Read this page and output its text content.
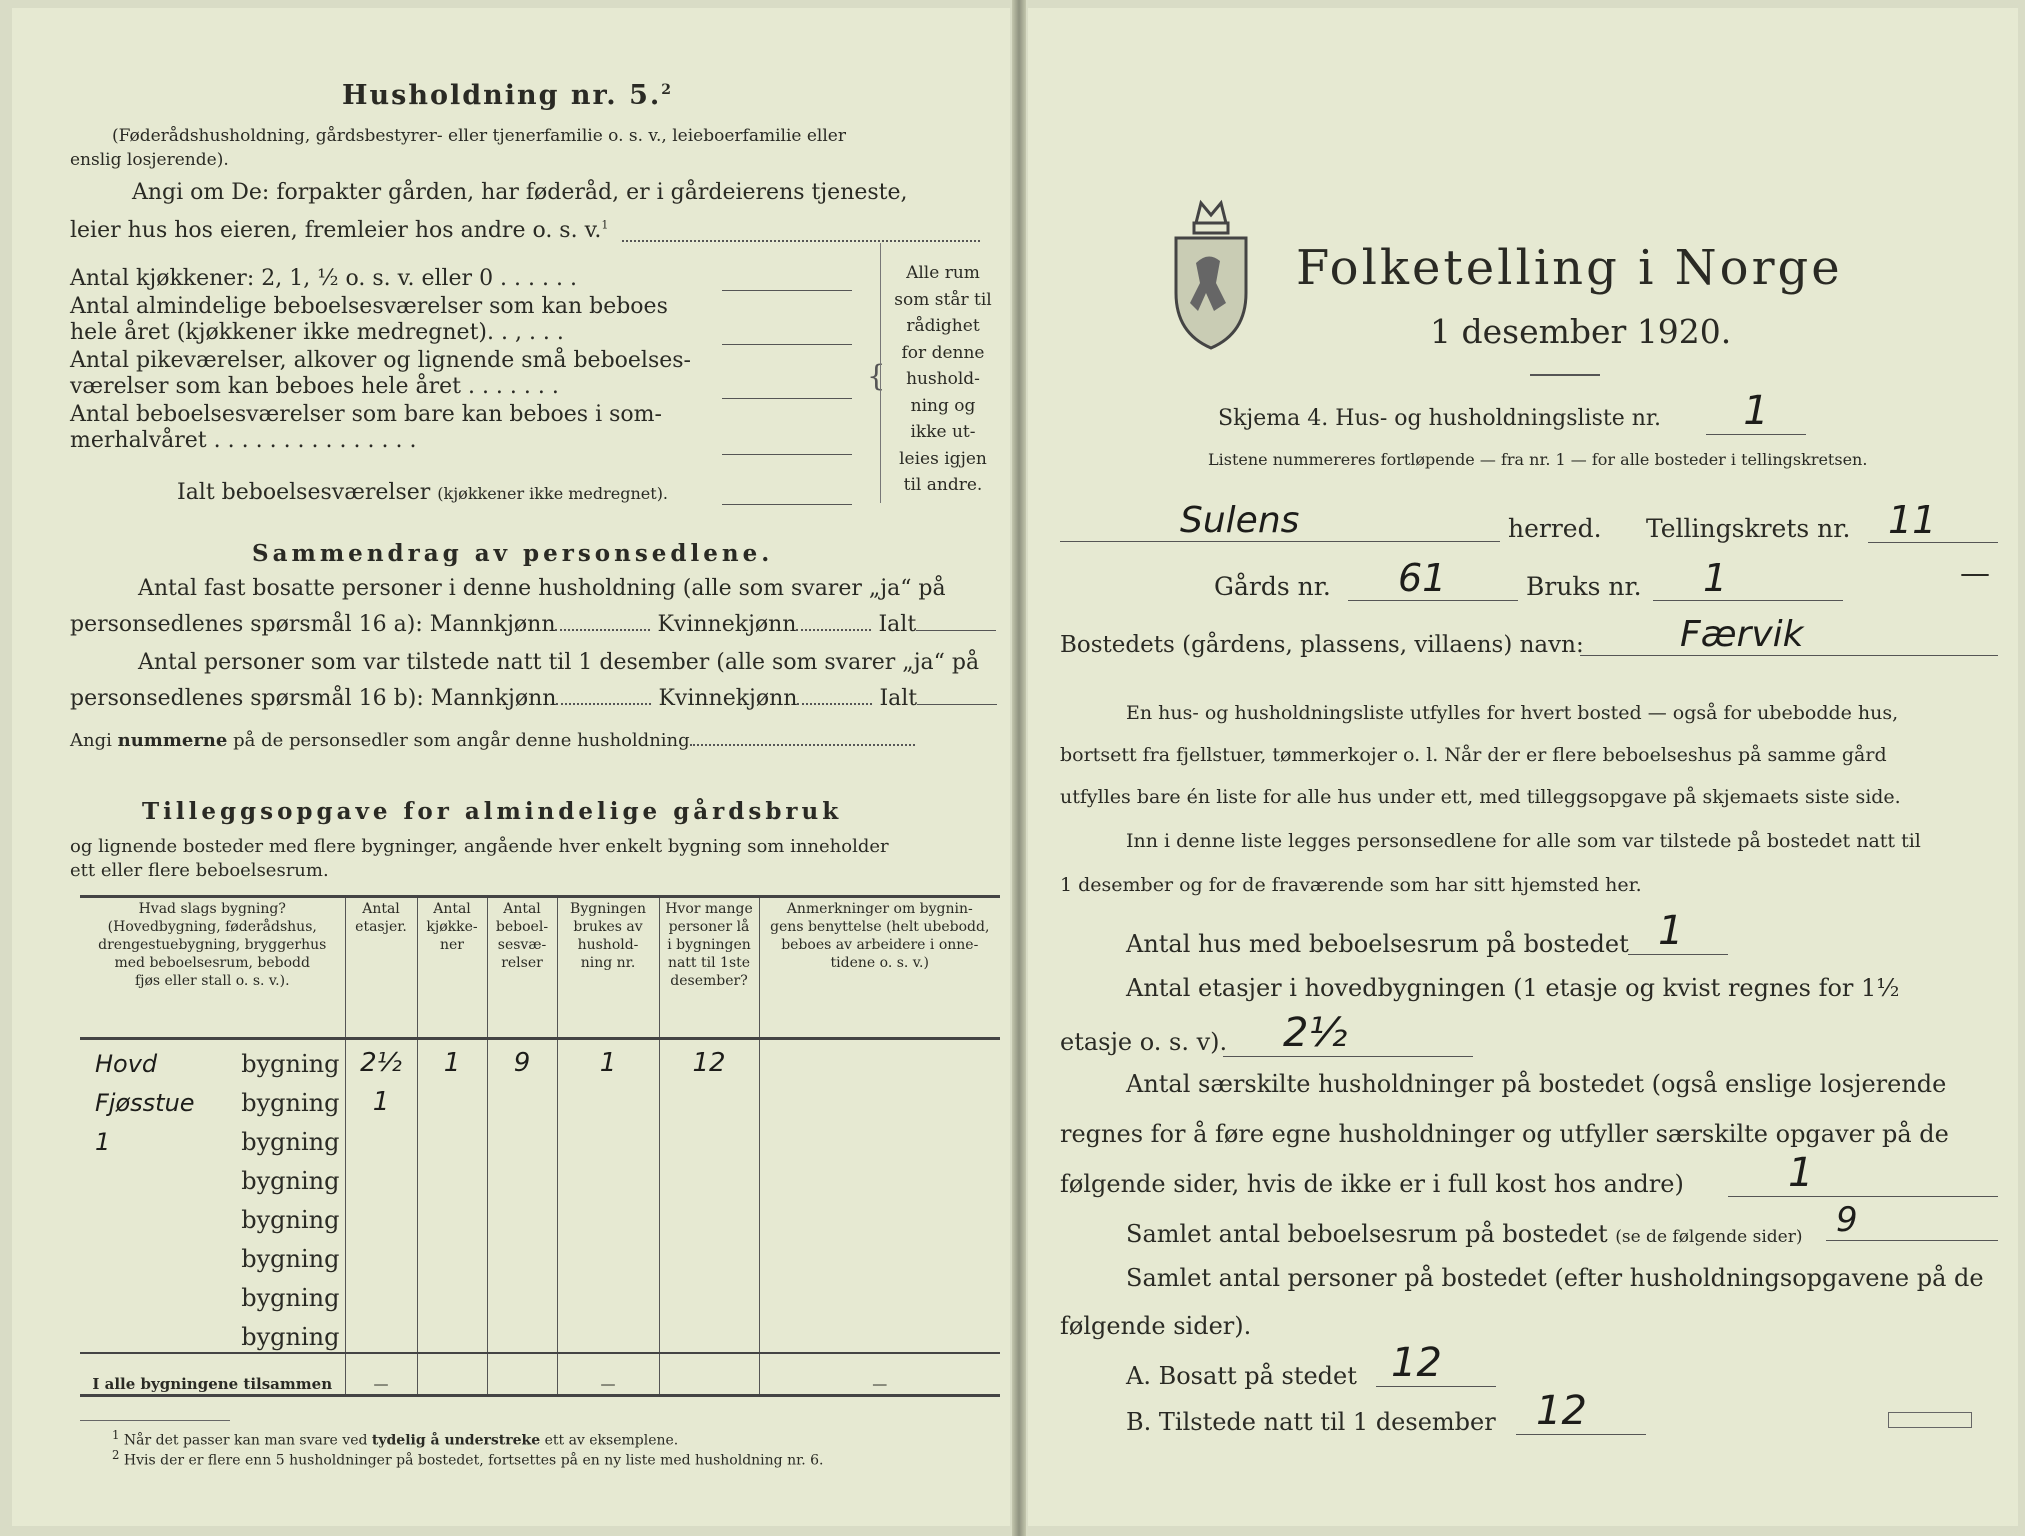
Husholdning nr. 5.$^2$
(Føderådshusholdning, gårdsbestyrer- eller tjenerfamilie o. s. v., leieboerfamilie eller
enslig losjerende).
Angi om De: forpakter gården, har føderåd, er i gårdeierens tjeneste,
leier hus hos eieren, fremleier hos andre o. s. v.$^1$
Antal kjøkkener: 2, 1, ½ o. s. v. eller 0 . . . . . .
Antal almindelige beboelsesværelser som kan beboes
hele året (kjøkkener ikke medregnet). . , . . .
Antal pikeværelser, alkover og lignende små beboelses-
værelser som kan beboes hele året . . . . . . .
Antal beboelsesværelser som bare kan beboes i som-
merhalvåret . . . . . . . . . . . . . . .
Ialt beboelsesværelser (kjøkkener ikke medregnet).
{
Alle rum
som står til
rådighet
for denne
hushold-
ning og
ikke ut-
leies igjen
til andre.
Sammendrag av personsedlene.
Antal fast bosatte personer i denne husholdning (alle som svarer „ja“ på
personsedlenes spørsmål 16 a): Mannkjønn	Kvinnekjønn	Ialt
Antal personer som var tilstede natt til 1 desember (alle som svarer „ja“ på
personsedlenes spørsmål 16 b): Mannkjønn	Kvinnekjønn	Ialt
Angi nummerne på de personsedler som angår denne husholdning
Tilleggsopgave for almindelige gårdsbruk
og lignende bosteder med flere bygninger, angående hver enkelt bygning som inneholder
ett eller flere beboelsesrum.
Hvad slags bygning?
(Hovedbygning, føderådshus,
drengestuebygning, bryggerhus
med beboelsesrum, bebodd
fjøs eller stall o. s. v.).	Antal
etasjer.	Antal
kjøkke-
ner	Antal
beboel-
sesvæ-
relser	Bygningen
brukes av
hushold-
ning nr.	Hvor mange
personer lå
i bygningen
natt til 1ste
desember?	Anmerkninger om bygnin-
gens benyttelse (helt ubebodd,
beboes av arbeidere i onne-
tidene o. s. v.)

Hovd bygning	2½	1	9	1	12	

Fjøsstue bygning	1					

1 bygning						

bygning						

bygning						

bygning						

bygning						

bygning						
I alle bygningene tilsammen	—			—		—
$^1$ Når det passer kan man svare ved tydelig å understreke ett av eksemplene.
$^2$ Hvis der er flere enn 5 husholdninger på bostedet, fortsettes på en ny liste med husholdning nr. 6.
Folketelling i Norge
1 desember 1920.
Skjema 4. Hus- og husholdningsliste nr.	1
Listene nummereres fortløpende — fra nr. 1 — for alle bosteder i tellingskretsen.
Sulens	herred. Tellingskrets nr. 11
Gårds nr.	61	Bruks nr.	1	—
Bostedets (gårdens, plassens, villaens) navn:	Færvik
En hus- og husholdningsliste utfylles for hvert bosted — også for ubebodde hus,
bortsett fra fjellstuer, tømmerkojer o. l. Når der er flere beboelseshus på samme gård
utfylles bare én liste for alle hus under ett, med tilleggsopgave på skjemaets siste side.
Inn i denne liste legges personsedlene for alle som var tilstede på bostedet natt til
1 desember og for de fraværende som har sitt hjemsted her.
Antal hus med beboelsesrum på bostedet 1
Antal etasjer i hovedbygningen (1 etasje og kvist regnes for 1½
etasje o. s. v).	2½
Antal særskilte husholdninger på bostedet (også enslige losjerende
regnes for å føre egne husholdninger og utfyller særskilte opgaver på de
følgende sider, hvis de ikke er i full kost hos andre)	1
Samlet antal beboelsesrum på bostedet (se de følgende sider) 9
Samlet antal personer på bostedet (efter husholdningsopgavene på de
følgende sider).
A. Bosatt på stedet 12
B. Tilstede natt til 1 desember	12
